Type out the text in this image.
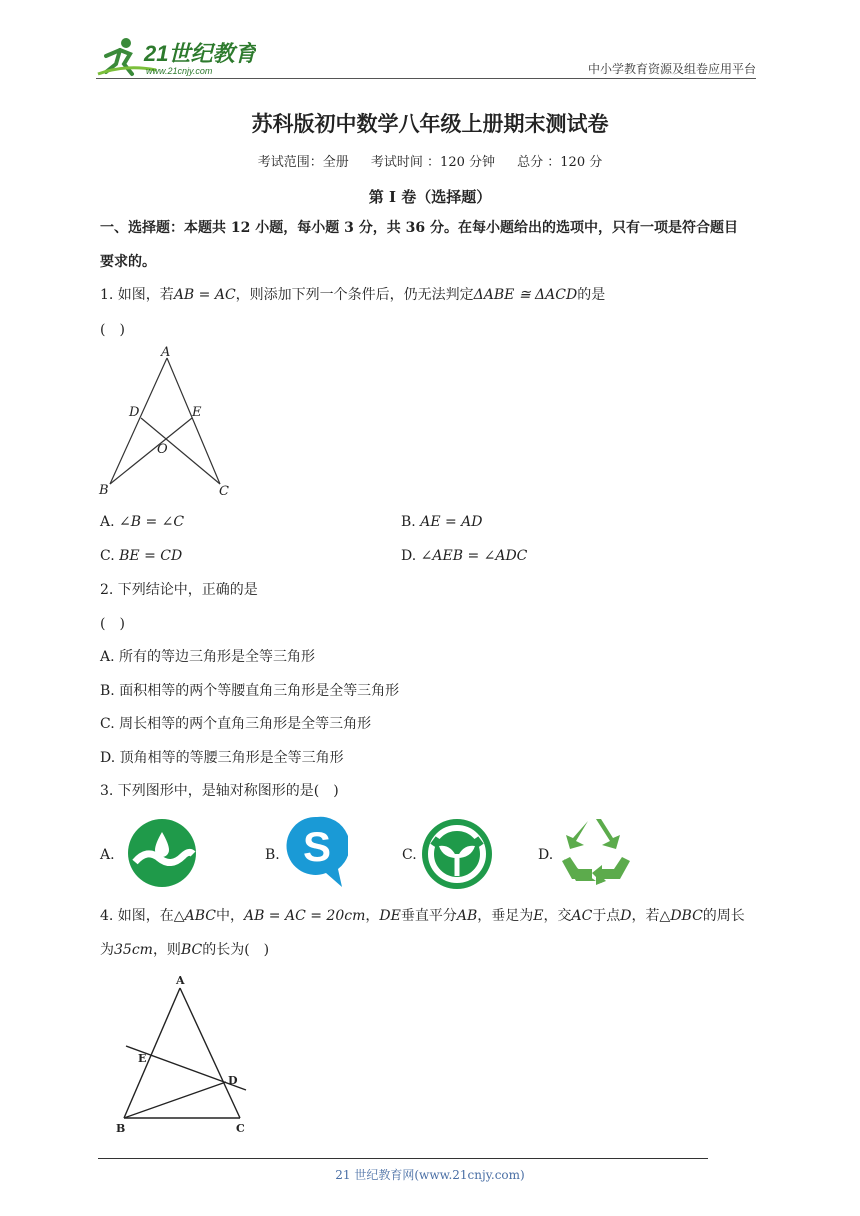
21世纪教育
www.21cnjy.com	中小学教育资源及组卷应用平台
苏科版初中数学八年级上册期末测试卷
考试范围：全册 考试时间 ：120 分钟 总分 ：120 分
第 I 卷（选择题）
一、选择题：本题共 12 小题，每小题 3 分，共 36 分。在每小题给出的选项中，只有一项是符合题目
要求的。
1. 如图，若AB = AC，则添加下列一个条件后，仍无法判定ΔABE ≅ ΔACD的是
(　)
A
B	C
D	E
O
A. ∠B = ∠C	B. AE = AD
C. BE = CD	D. ∠AEB = ∠ADC
2. 下列结论中，正确的是
(　)
A. 所有的等边三角形是全等三角形
B. 面积相等的两个等腰直角三角形是全等三角形
C. 周长相等的两个直角三角形是全等三角形
D. 顶角相等的等腰三角形是全等三角形
3. 下列图形中，是轴对称图形的是(　)
A.	B. S	C.	D.
4. 如图，在△ABC中，AB = AC = 20cm，DE垂直平分AB，垂足为E，交AC于点D，若△DBC的周长
为35cm，则BC的长为(　)
A
B	C
D
E
21 世纪教育网(www.21cnjy.com)
